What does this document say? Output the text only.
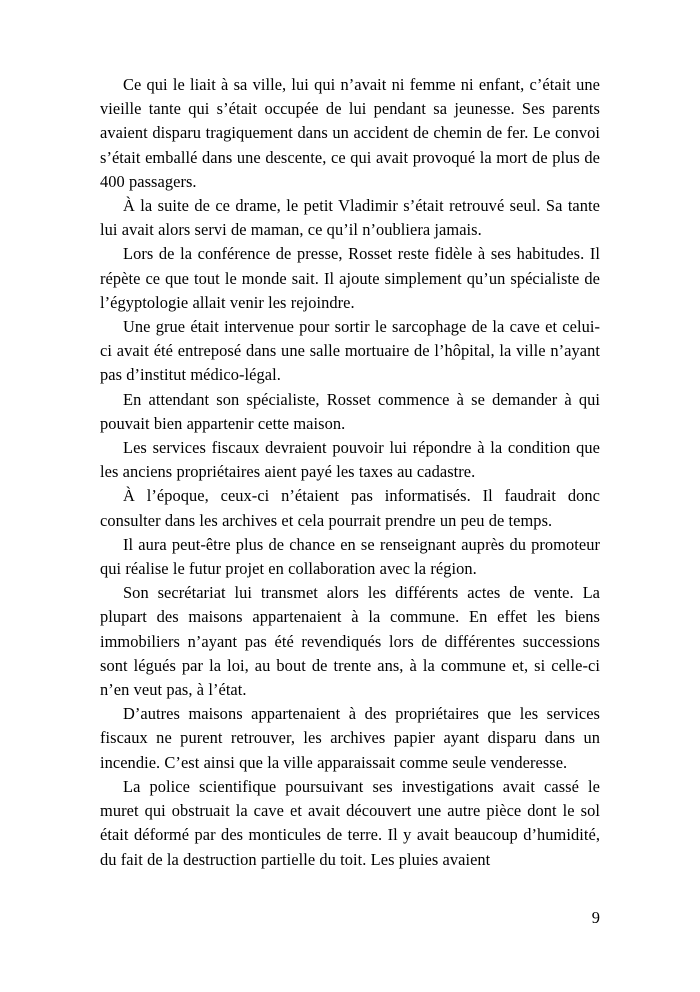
Ce qui le liait à sa ville, lui qui n’avait ni femme ni enfant, c’était une vieille tante qui s’était occupée de lui pendant sa jeunesse. Ses parents avaient disparu tragiquement dans un accident de chemin de fer. Le convoi s’était emballé dans une descente, ce qui avait provoqué la mort de plus de 400 passagers.

À la suite de ce drame, le petit Vladimir s’était retrouvé seul. Sa tante lui avait alors servi de maman, ce qu’il n’oubliera jamais.

Lors de la conférence de presse, Rosset reste fidèle à ses habitudes. Il répète ce que tout le monde sait. Il ajoute simplement qu’un spécialiste de l’égyptologie allait venir les rejoindre.

Une grue était intervenue pour sortir le sarcophage de la cave et celui-ci avait été entreposé dans une salle mortuaire de l’hôpital, la ville n’ayant pas d’institut médico-légal.

En attendant son spécialiste, Rosset commence à se demander à qui pouvait bien appartenir cette maison.

Les services fiscaux devraient pouvoir lui répondre à la condition que les anciens propriétaires aient payé les taxes au cadastre.

À l’époque, ceux-ci n’étaient pas informatisés. Il faudrait donc consulter dans les archives et cela pourrait prendre un peu de temps.

Il aura peut-être plus de chance en se renseignant auprès du promoteur qui réalise le futur projet en collaboration avec la région.

Son secrétariat lui transmet alors les différents actes de vente. La plupart des maisons appartenaient à la commune. En effet les biens immobiliers n’ayant pas été revendiqués lors de différentes successions sont légués par la loi, au bout de trente ans, à la commune et, si celle-ci n’en veut pas, à l’état.

D’autres maisons appartenaient à des propriétaires que les services fiscaux ne purent retrouver, les archives papier ayant disparu dans un incendie. C’est ainsi que la ville apparaissait comme seule venderesse.

La police scientifique poursuivant ses investigations avait cassé le muret qui obstruait la cave et avait découvert une autre pièce dont le sol était déformé par des monticules de terre. Il y avait beaucoup d’humidité, du fait de la destruction partielle du toit. Les pluies avaient

9
